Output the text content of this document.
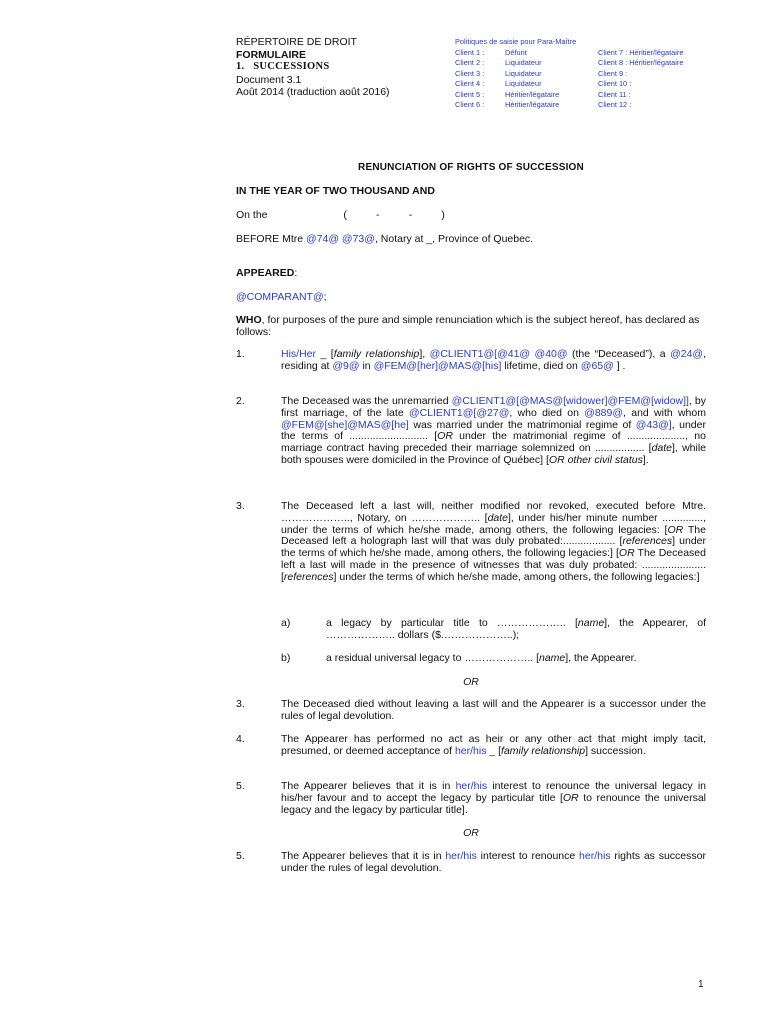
RÉPERTOIRE DE DROIT
FORMULAIRE
1.   SUCCESSIONS
Document 3.1
Août 2014 (traduction août 2016)
Politiques de saisie pour Para-Maître
Client 1 :	Défunt	Client 7 : Héritier/légataire
Client 2 :	Liquidateur	Client 8 : Héritier/légataire
Client 3 :	Liquidateur	Client 9 :
Client 4 :	Liquidateur	Client 10 :
Client 5 :	Héritier/légataire	Client 11 :
Client 6 :	Héritier/légataire	Client 12 :
RENUNCIATION OF RIGHTS OF SUCCESSION
IN THE YEAR OF TWO THOUSAND AND
On the	(          -          -          )
BEFORE Mtre @74@ @73@, Notary at _, Province of Quebec.
APPEARED:
@COMPARANT@;
WHO, for purposes of the pure and simple renunciation which is the subject hereof, has declared as follows:
1.	His/Her _ [family relationship], @CLIENT1@[@41@ @40@ (the “Deceased”), a @24@, residing at @9@ in @FEM@[her]@MAS@[his] lifetime, died on @65@ ] .
2.	The Deceased was the unremarried @CLIENT1@[@MAS@[widower]@FEM@[widow]], by first marriage, of the late @CLIENT1@[@27@, who died on @889@, and with whom @FEM@[she]@MAS@[he] was married under the matrimonial regime of @43@], under the terms of ........................... [OR under the matrimonial regime of ...................., no marriage contract having preceded their marriage solemnized on ................. [date], while both spouses were domiciled in the Province of Québec] [OR other civil status].
3.	The Deceased left a last will, neither modified nor revoked, executed before Mtre. ……………….., Notary, on ……………….. [date], under his/her minute number .............., under the terms of which he/she made, among others, the following legacies: [OR The Deceased left a holograph last will that was duly probated:.................. [references] under the terms of which he/she made, among others, the following legacies:] [OR The Deceased left a last will made in the presence of witnesses that was duly probated: ...................... [references] under the terms of which he/she made, among others, the following legacies:]
a)	a legacy by particular title to ……………….. [name], the Appearer, of ……………….. dollars ($.………………..);
b)	a residual universal legacy to ……………….. [name], the Appearer.
OR
3.	The Deceased died without leaving a last will and the Appearer is a successor under the rules of legal devolution.
4.	The Appearer has performed no act as heir or any other act that might imply tacit, presumed, or deemed acceptance of her/his _ [family relationship] succession.
5.	The Appearer believes that it is in her/his interest to renounce the universal legacy in his/her favour and to accept the legacy by particular title [OR to renounce the universal legacy and the legacy by particular title].
OR
5.	The Appearer believes that it is in her/his interest to renounce her/his rights as successor under the rules of legal devolution.
1
